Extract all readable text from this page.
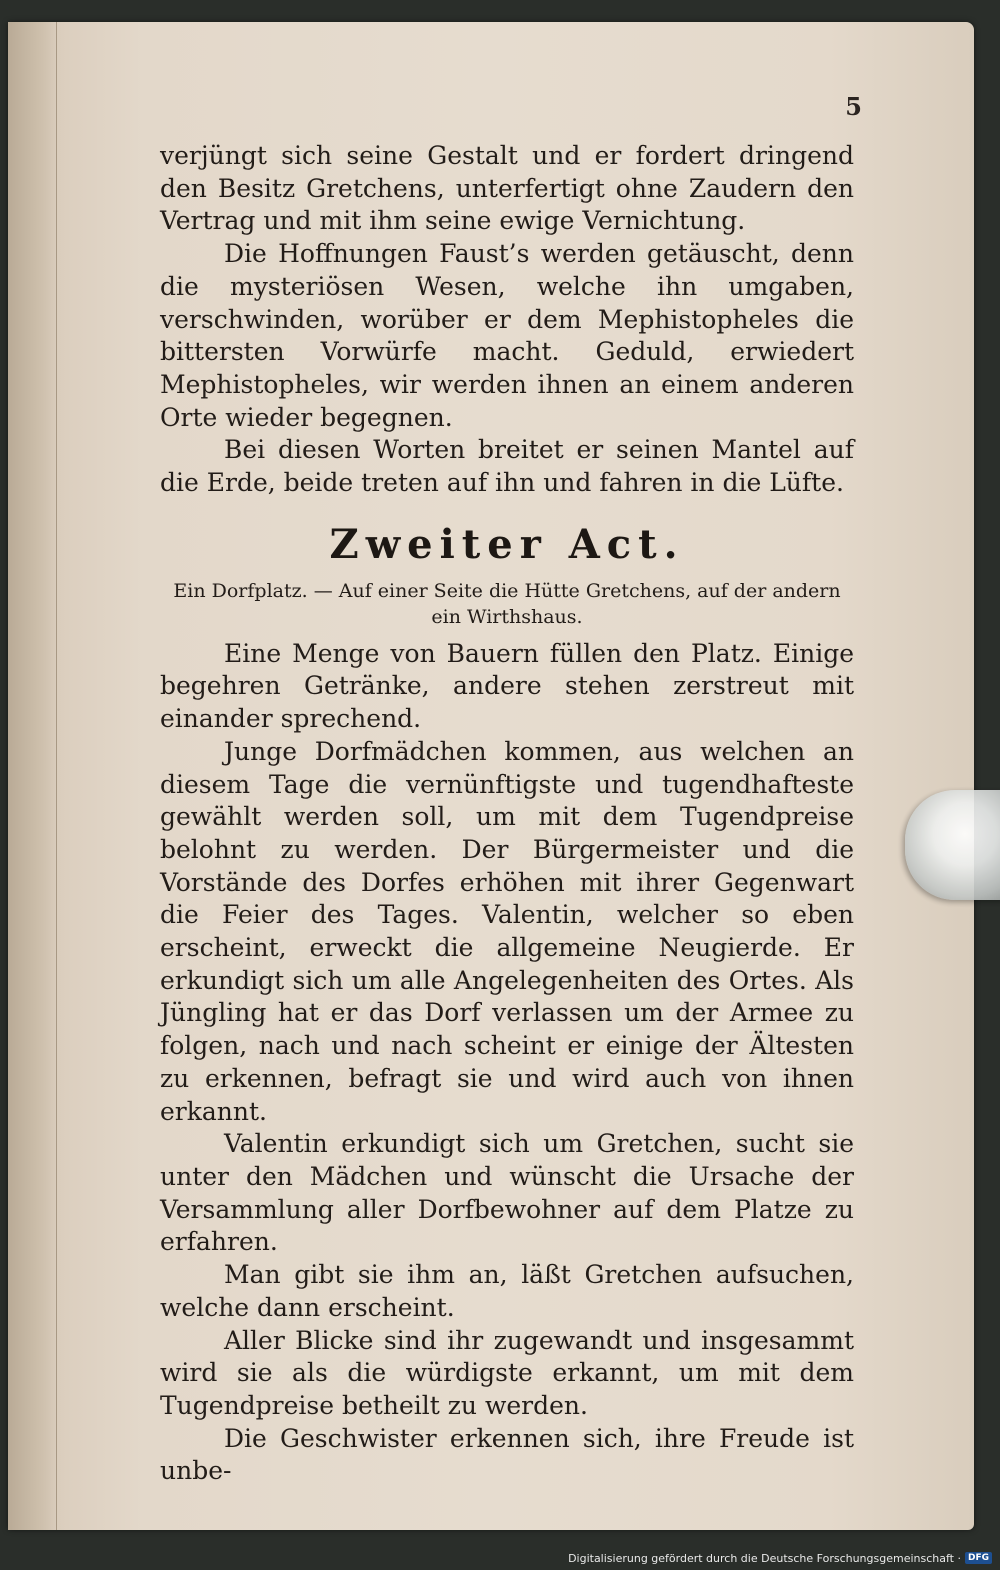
5

verjüngt sich seine Gestalt und er fordert dringend den Besitz Gretchens, unterfertigt ohne Zaudern den Vertrag und mit ihm seine ewige Vernichtung.

Die Hoffnungen Faust’s werden getäuscht, denn die mysteriösen Wesen, welche ihn umgaben, verschwinden, worüber er dem Mephistopheles die bittersten Vorwürfe macht. Geduld, erwiedert Mephistopheles, wir werden ihnen an einem anderen Orte wieder begegnen.

Bei diesen Worten breitet er seinen Mantel auf die Erde, beide treten auf ihn und fahren in die Lüfte.

Zweiter Act.

Ein Dorfplatz. — Auf einer Seite die Hütte Gretchens, auf der andern ein Wirthshaus.

Eine Menge von Bauern füllen den Platz. Einige begehren Getränke, andere stehen zerstreut mit einander sprechend.

Junge Dorfmädchen kommen, aus welchen an diesem Tage die vernünftigste und tugendhafteste gewählt werden soll, um mit dem Tugendpreise belohnt zu werden. Der Bürgermeister und die Vorstände des Dorfes erhöhen mit ihrer Gegenwart die Feier des Tages. Valentin, welcher so eben erscheint, erweckt die allgemeine Neugierde. Er erkundigt sich um alle Angelegenheiten des Ortes. Als Jüngling hat er das Dorf verlassen um der Armee zu folgen, nach und nach scheint er einige der Ältesten zu erkennen, befragt sie und wird auch von ihnen erkannt.

Valentin erkundigt sich um Gretchen, sucht sie unter den Mädchen und wünscht die Ursache der Versammlung aller Dorfbewohner auf dem Platze zu erfahren.

Man gibt sie ihm an, läßt Gretchen aufsuchen, welche dann erscheint.

Aller Blicke sind ihr zugewandt und insgesammt wird sie als die würdigste erkannt, um mit dem Tugendpreise betheilt zu werden.

Die Geschwister erkennen sich, ihre Freude ist unbe-

Digitalisierung gefördert durch die Deutsche Forschungsgemeinschaft · DFG
